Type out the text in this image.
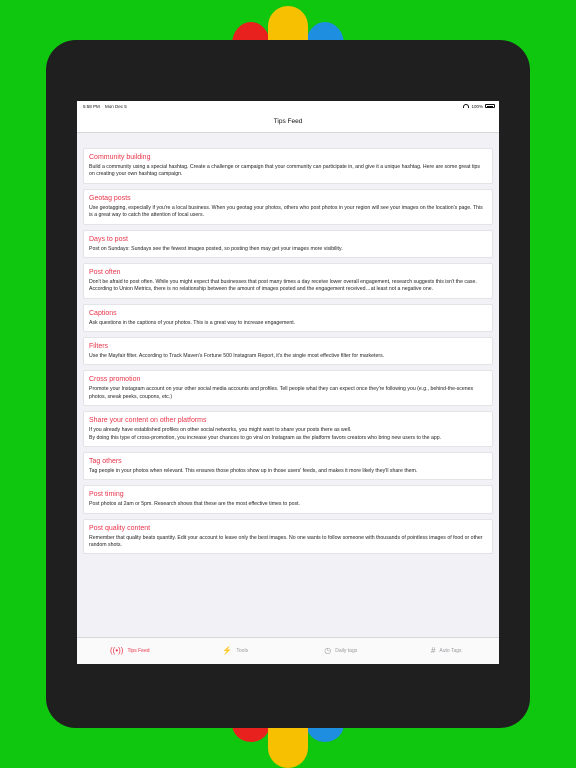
5:58 PM Mon Dec 5	100%
Tips Feed
Community building
Build a community using a special hashtag. Create a challenge or campaign that your community can participate in, and give it a unique hashtag. Here are some great tips on creating your own hashtag campaign.
Geotag posts
Use geotagging, especially if you're a local business. When you geotag your photos, others who post photos in your region will see your images on the location's page. This is a great way to catch the attention of local users.
Days to post
Post on Sundays: Sundays see the fewest images posted, so posting then may get your images more visibility.
Post often
Don't be afraid to post often. While you might expect that businesses that post many times a day receive lower overall engagement, research suggests this isn't the case. According to Union Metrics, there is no relationship between the amount of images posted and the engagement received…at least not a negative one.
Captions
Ask questions in the captions of your photos. This is a great way to increase engagement.
Filters
Use the Mayfair filter. According to Track Maven's Fortune 500 Instagram Report, it's the single most effective filter for marketers.
Cross promotion
Promote your Instagram account on your other social media accounts and profiles. Tell people what they can expect once they're following you (e.g., behind-the-scenes photos, sneak peeks, coupons, etc.)
Share your content on other platforms
If you already have established profiles on other social networks, you might want to share your posts there as well.
By doing this type of cross-promotion, you increase your chances to go viral on Instagram as the platform favors creators who bring new users to the app.
Tag others
Tag people in your photos when relevant. This ensures those photos show up in those users' feeds, and makes it more likely they'll share them.
Post timing
Post photos at 2am or 5pm. Research shows that these are the most effective times to post.
Post quality content
Remember that quality beats quantity. Edit your account to leave only the best images. No one wants to follow someone with thousands of pointless images of food or other random shots.
((•)) Tips Feed	⚡ Tools	◷ Daily tags	# Auto Tags
